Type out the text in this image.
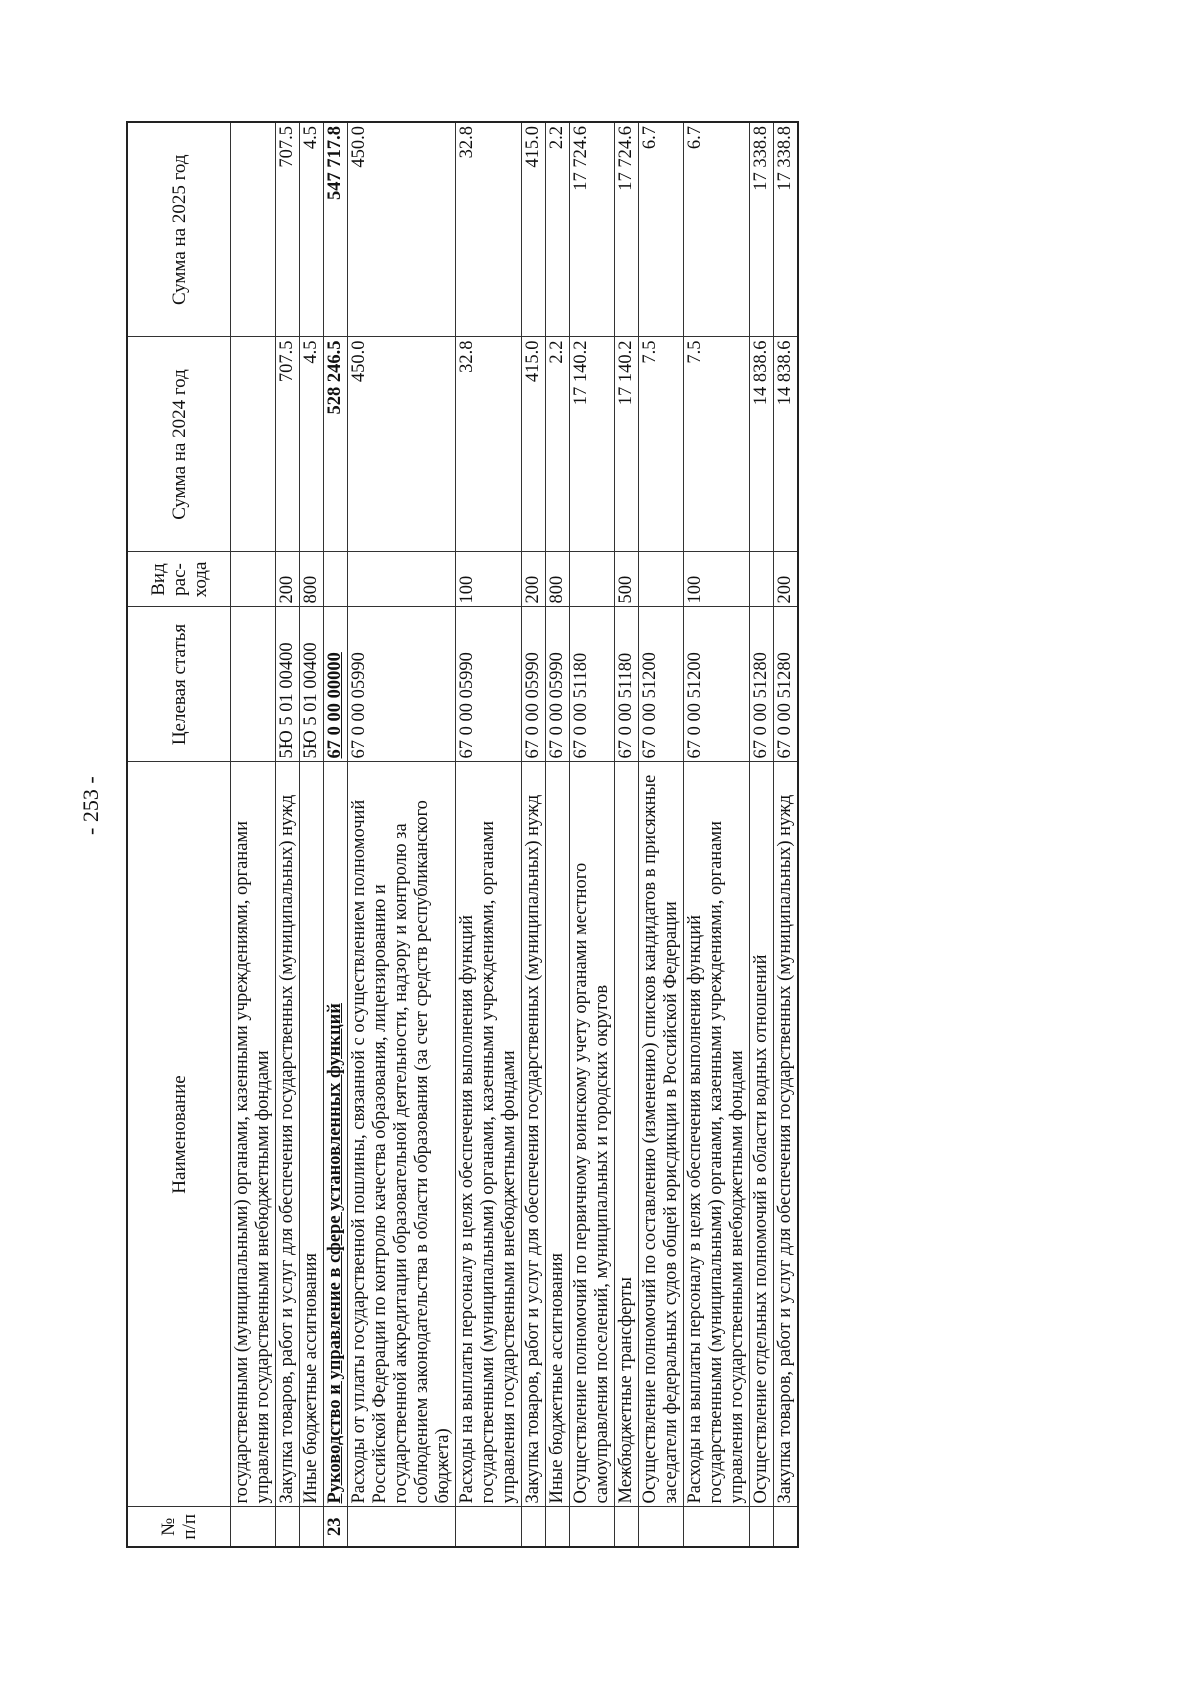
- 253 -
№ п/п	Наименование	Целевая статья	Вид рас-хода	Сумма на 2024 год	Сумма на 2025 год
	государственными (муниципальными) органами, казенными учреждениями, органами управления государственными внебюджетными фондами				
	Закупка товаров, работ и услуг для обеспечения государственных (муниципальных) нужд	5Ю 5 01 00400	200	707.5	707.5
	Иные бюджетные ассигнования	5Ю 5 01 00400	800	4.5	4.5
23	Руководство и управление в сфере установленных функций	67 0 00 00000		528 246.5	547 717.8
	Расходы от уплаты государственной пошлины, связанной с осуществлением полномочий Российской Федерации по контролю качества образования, лицензированию и государственной аккредитации образовательной деятельности, надзору и контролю за соблюдением законодательства в области образования (за счет средств республиканского бюджета)	67 0 00 05990		450.0	450.0
	Расходы на выплаты персоналу в целях обеспечения выполнения функций государственными (муниципальными) органами, казенными учреждениями, органами управления государственными внебюджетными фондами	67 0 00 05990	100	32.8	32.8
	Закупка товаров, работ и услуг для обеспечения государственных (муниципальных) нужд	67 0 00 05990	200	415.0	415.0
	Иные бюджетные ассигнования	67 0 00 05990	800	2.2	2.2
	Осуществление полномочий по первичному воинскому учету органами местного самоуправления поселений, муниципальных и городских округов	67 0 00 51180		17 140.2	17 724.6
	Межбюджетные трансферты	67 0 00 51180	500	17 140.2	17 724.6
	Осуществление полномочий по составлению (изменению) списков кандидатов в присяжные заседатели федеральных судов общей юрисдикции в Российской Федерации	67 0 00 51200		7.5	6.7
	Расходы на выплаты персоналу в целях обеспечения выполнения функций государственными (муниципальными) органами, казенными учреждениями, органами управления государственными внебюджетными фондами	67 0 00 51200	100	7.5	6.7
	Осуществление отдельных полномочий в области водных отношений	67 0 00 51280		14 838.6	17 338.8
	Закупка товаров, работ и услуг для обеспечения государственных (муниципальных) нужд	67 0 00 51280	200	14 838.6	17 338.8
